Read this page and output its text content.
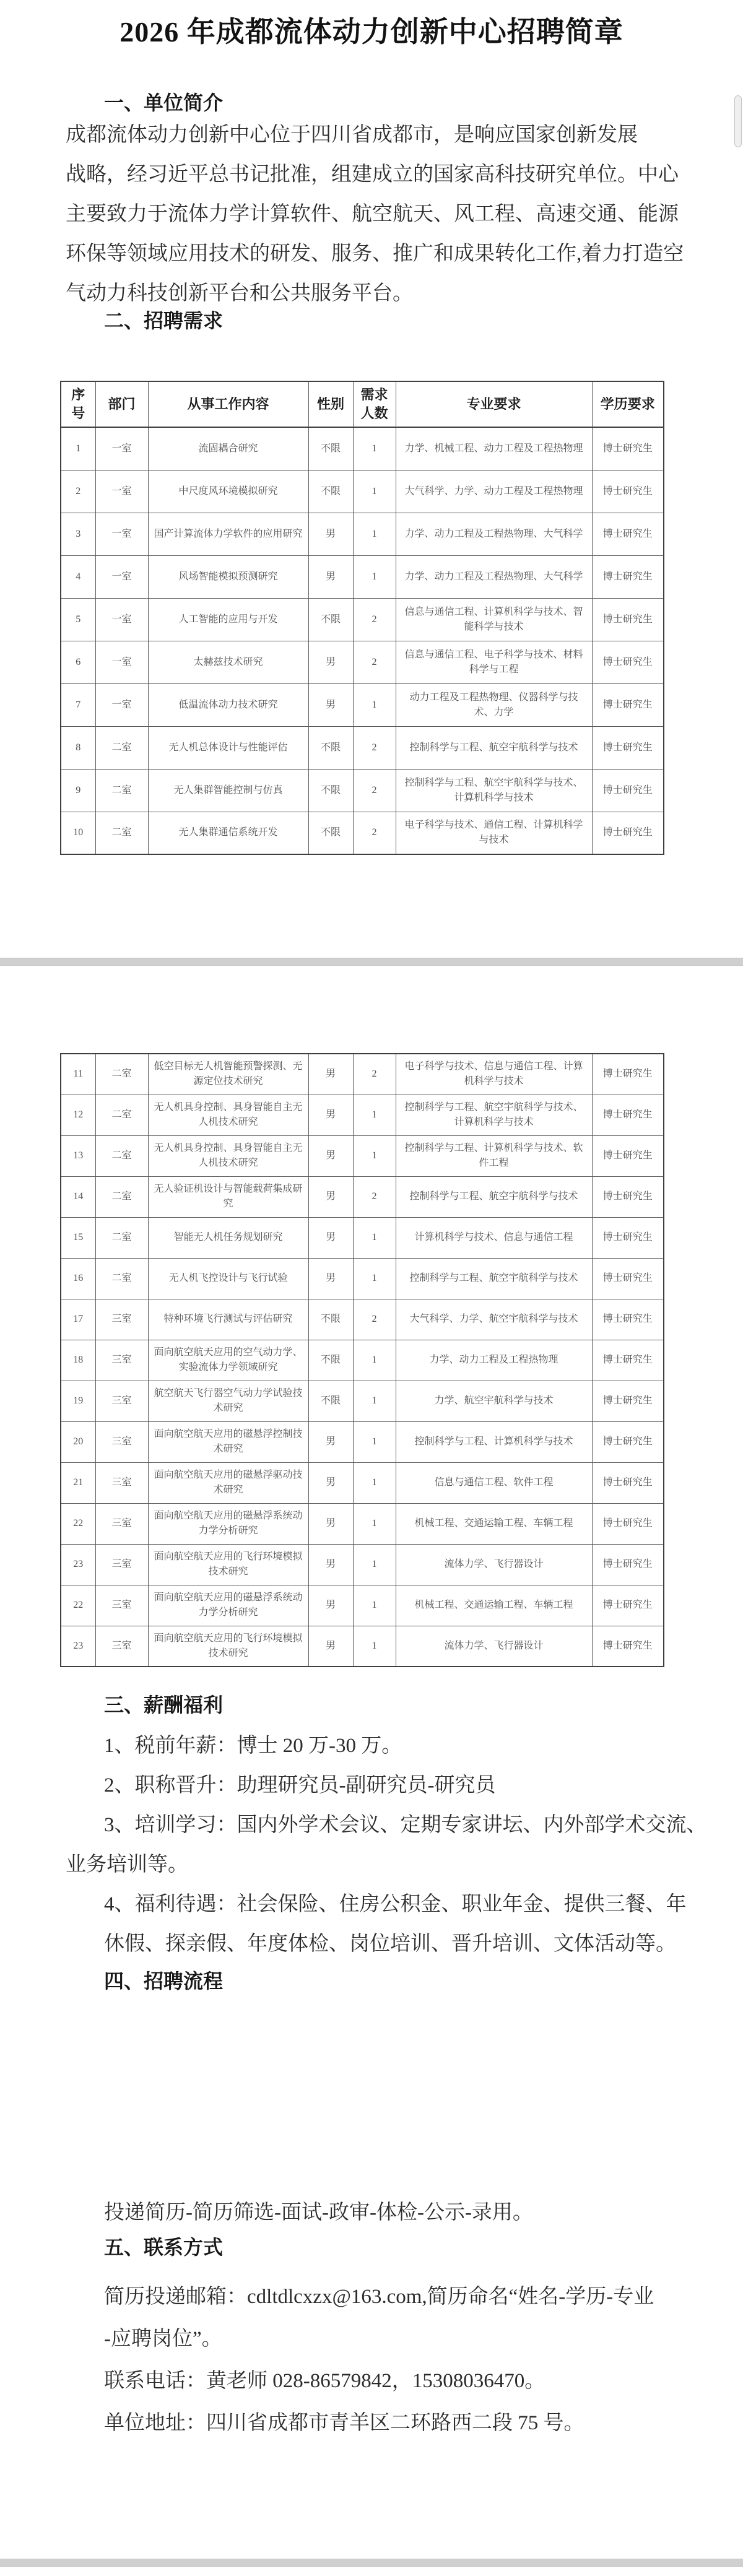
2026 年成都流体动力创新中心招聘简章
一、单位简介
成都流体动力创新中心位于四川省成都市，是响应国家创新发展
战略，经习近平总书记批准，组建成立的国家高科技研究单位。中心
主要致力于流体力学计算软件、航空航天、风工程、高速交通、能源
环保等领域应用技术的研发、服务、推广和成果转化工作,着力打造空
气动力科技创新平台和公共服务平台。
二、招聘需求
序号	部门	从事工作内容	性别	需求人数	专业要求	学历要求
1	一室	流固耦合研究	不限	1	力学、机械工程、动力工程及工程热物理	博士研究生
2	一室	中尺度风环境模拟研究	不限	1	大气科学、力学、动力工程及工程热物理	博士研究生
3	一室	国产计算流体力学软件的应用研究	男	1	力学、动力工程及工程热物理、大气科学	博士研究生
4	一室	风场智能模拟预测研究	男	1	力学、动力工程及工程热物理、大气科学	博士研究生
5	一室	人工智能的应用与开发	不限	2	信息与通信工程、计算机科学与技术、智能科学与技术	博士研究生
6	一室	太赫兹技术研究	男	2	信息与通信工程、电子科学与技术、材料科学与工程	博士研究生
7	一室	低温流体动力技术研究	男	1	动力工程及工程热物理、仪器科学与技术、力学	博士研究生
8	二室	无人机总体设计与性能评估	不限	2	控制科学与工程、航空宇航科学与技术	博士研究生
9	二室	无人集群智能控制与仿真	不限	2	控制科学与工程、航空宇航科学与技术、计算机科学与技术	博士研究生
10	二室	无人集群通信系统开发	不限	2	电子科学与技术、通信工程、计算机科学与技术	博士研究生
11	二室	低空目标无人机智能预警探测、无源定位技术研究	男	2	电子科学与技术、信息与通信工程、计算机科学与技术	博士研究生
12	二室	无人机具身控制、具身智能自主无人机技术研究	男	1	控制科学与工程、航空宇航科学与技术、计算机科学与技术	博士研究生
13	二室	无人机具身控制、具身智能自主无人机技术研究	男	1	控制科学与工程、计算机科学与技术、软件工程	博士研究生
14	二室	无人验证机设计与智能载荷集成研究	男	2	控制科学与工程、航空宇航科学与技术	博士研究生
15	二室	智能无人机任务规划研究	男	1	计算机科学与技术、信息与通信工程	博士研究生
16	二室	无人机飞控设计与飞行试验	男	1	控制科学与工程、航空宇航科学与技术	博士研究生
17	三室	特种环境飞行测试与评估研究	不限	2	大气科学、力学、航空宇航科学与技术	博士研究生
18	三室	面向航空航天应用的空气动力学、实验流体力学领域研究	不限	1	力学、动力工程及工程热物理	博士研究生
19	三室	航空航天飞行器空气动力学试验技术研究	不限	1	力学、航空宇航科学与技术	博士研究生
20	三室	面向航空航天应用的磁悬浮控制技术研究	男	1	控制科学与工程、计算机科学与技术	博士研究生
21	三室	面向航空航天应用的磁悬浮驱动技术研究	男	1	信息与通信工程、软件工程	博士研究生
22	三室	面向航空航天应用的磁悬浮系统动力学分析研究	男	1	机械工程、交通运输工程、车辆工程	博士研究生
23	三室	面向航空航天应用的飞行环境模拟技术研究	男	1	流体力学、飞行器设计	博士研究生
22	三室	面向航空航天应用的磁悬浮系统动力学分析研究	男	1	机械工程、交通运输工程、车辆工程	博士研究生
23	三室	面向航空航天应用的飞行环境模拟技术研究	男	1	流体力学、飞行器设计	博士研究生
三、薪酬福利
1、税前年薪：博士 20 万-30 万。
2、职称晋升：助理研究员-副研究员-研究员
3、培训学习：国内外学术会议、定期专家讲坛、内外部学术交流、
业务培训等。
4、福利待遇：社会保险、住房公积金、职业年金、提供三餐、年
休假、探亲假、年度体检、岗位培训、晋升培训、文体活动等。
四、招聘流程
投递简历-简历筛选-面试-政审-体检-公示-录用。
五、联系方式
简历投递邮箱：cdltdlcxzx@163.com,简历命名“姓名-学历-专业
-应聘岗位”。
联系电话：黄老师 028-86579842，15308036470。
单位地址：四川省成都市青羊区二环路西二段 75 号。
